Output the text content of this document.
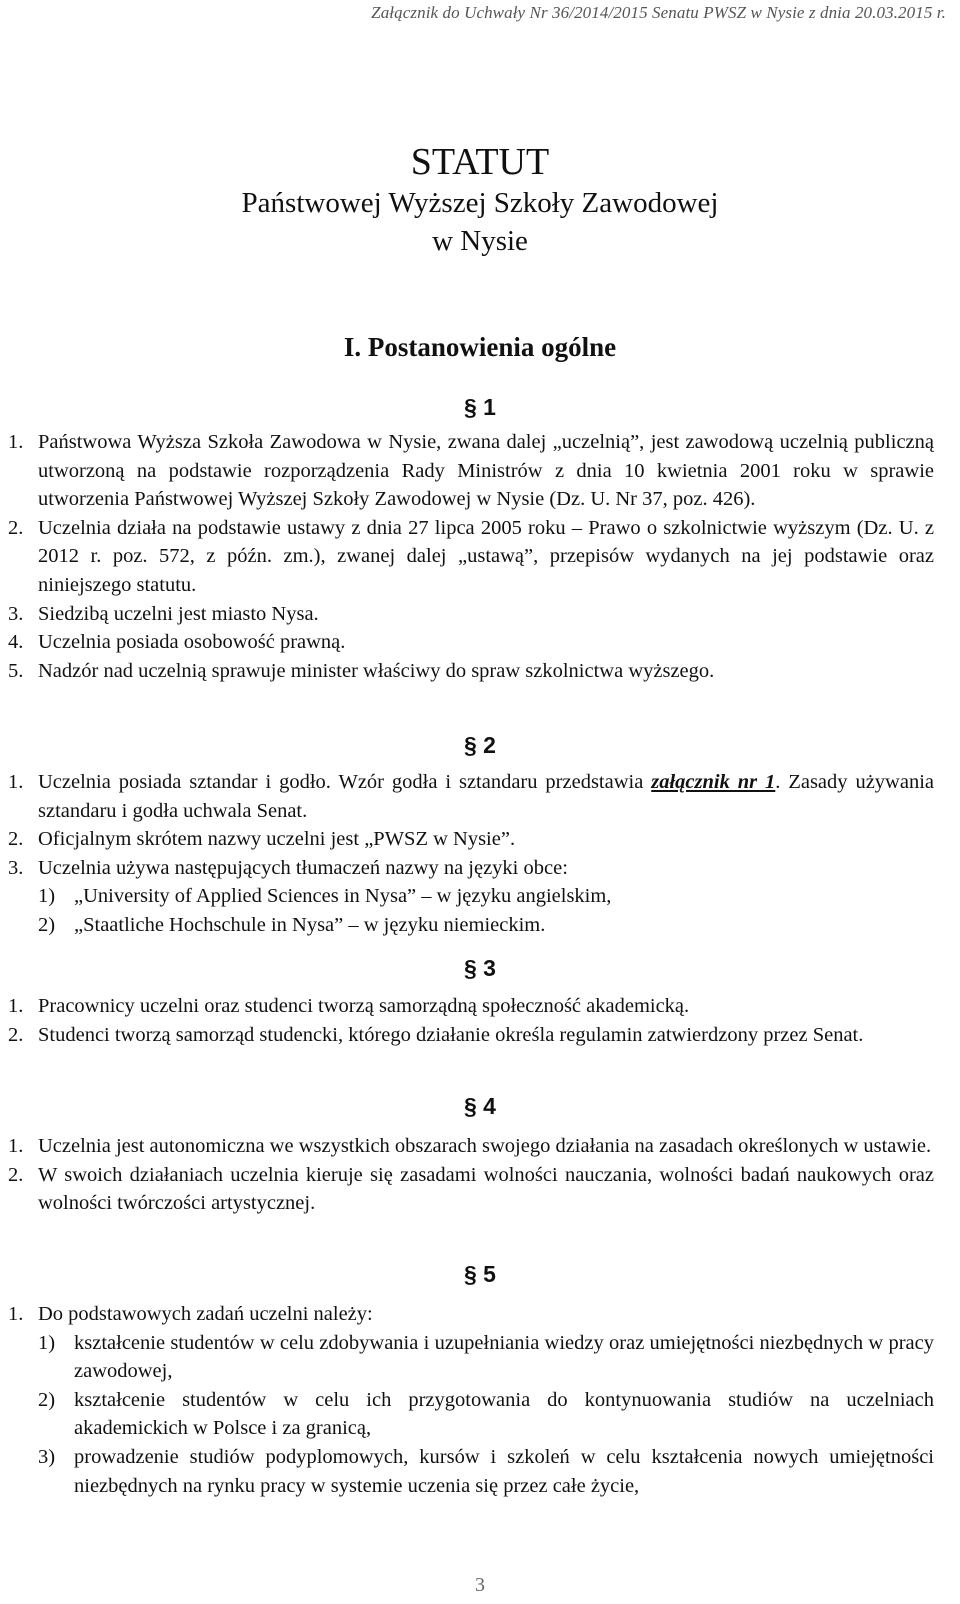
Załącznik do Uchwały Nr 36/2014/2015 Senatu PWSZ w Nysie z dnia 20.03.2015 r.
STATUT
Państwowej Wyższej Szkoły Zawodowej
w Nysie
I. Postanowienia ogólne
§ 1
1. Państwowa Wyższa Szkoła Zawodowa w Nysie, zwana dalej „uczelnią”, jest zawodową uczelnią publiczną utworzoną na podstawie rozporządzenia Rady Ministrów z dnia 10 kwietnia 2001 roku w sprawie utworzenia Państwowej Wyższej Szkoły Zawodowej w Nysie (Dz. U. Nr 37, poz. 426).
2. Uczelnia działa na podstawie ustawy z dnia 27 lipca 2005 roku – Prawo o szkolnictwie wyższym (Dz. U. z 2012 r. poz. 572, z późn. zm.), zwanej dalej „ustawą”, przepisów wydanych na jej podstawie oraz niniejszego statutu.
3. Siedzibą uczelni jest miasto Nysa.
4. Uczelnia posiada osobowość prawną.
5. Nadzór nad uczelnią sprawuje minister właściwy do spraw szkolnictwa wyższego.
§ 2
1. Uczelnia posiada sztandar i godło. Wzór godła i sztandaru przedstawia załącznik nr 1. Zasady używania sztandaru i godła uchwala Senat.
2. Oficjalnym skrótem nazwy uczelni jest „PWSZ w Nysie”.
3. Uczelnia używa następujących tłumaczeń nazwy na języki obce:
1) „University of Applied Sciences in Nysa” – w języku angielskim,
2) „Staatliche Hochschule in Nysa” – w języku niemieckim.
§ 3
1. Pracownicy uczelni oraz studenci tworzą samorządną społeczność akademicką.
2. Studenci tworzą samorząd studencki, którego działanie określa regulamin zatwierdzony przez Senat.
§ 4
1. Uczelnia jest autonomiczna we wszystkich obszarach swojego działania na zasadach określonych w ustawie.
2. W swoich działaniach uczelnia kieruje się zasadami wolności nauczania, wolności badań naukowych oraz wolności twórczości artystycznej.
§ 5
1. Do podstawowych zadań uczelni należy:
1) kształcenie studentów w celu zdobywania i uzupełniania wiedzy oraz umiejętności niezbędnych w pracy zawodowej,
2) kształcenie studentów w celu ich przygotowania do kontynuowania studiów na uczelniach akademickich w Polsce i za granicą,
3) prowadzenie studiów podyplomowych, kursów i szkoleń w celu kształcenia nowych umiejętności niezbędnych na rynku pracy w systemie uczenia się przez całe życie,
3
